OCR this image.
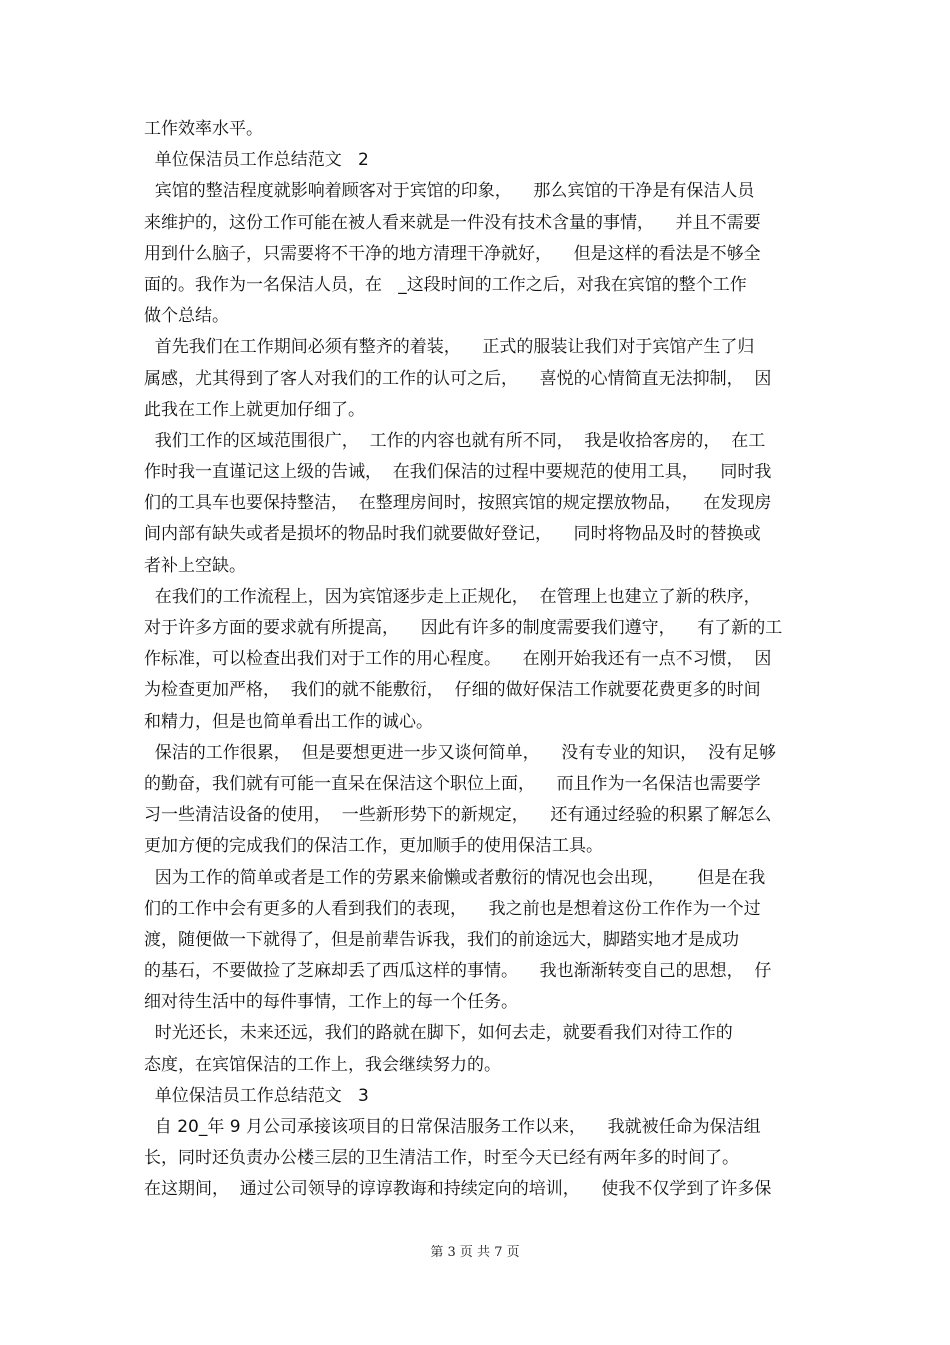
工作效率水平。
单位保洁员工作总结范文   2
宾馆的整洁程度就影响着顾客对于宾馆的印象，    那么宾馆的干净是有保洁人员
来维护的，这份工作可能在被人看来就是一件没有技术含量的事情，    并且不需要
用到什么脑子，只需要将不干净的地方清理干净就好，    但是这样的看法是不够全
面的。我作为一名保洁人员，在   _这段时间的工作之后，对我在宾馆的整个工作
做个总结。
首先我们在工作期间必须有整齐的着装，    正式的服装让我们对于宾馆产生了归
属感，尤其得到了客人对我们的工作的认可之后，    喜悦的心情简直无法抑制，  因
此我在工作上就更加仔细了。
我们工作的区域范围很广，  工作的内容也就有所不同，  我是收拾客房的，  在工
作时我一直谨记这上级的告诫，  在我们保洁的过程中要规范的使用工具，    同时我
们的工具车也要保持整洁，  在整理房间时，按照宾馆的规定摆放物品，    在发现房
间内部有缺失或者是损坏的物品时我们就要做好登记，    同时将物品及时的替换或
者补上空缺。
在我们的工作流程上，因为宾馆逐步走上正规化，  在管理上也建立了新的秩序，
对于许多方面的要求就有所提高，    因此有许多的制度需要我们遵守，    有了新的工
作标准，可以检查出我们对于工作的用心程度。    在刚开始我还有一点不习惯，  因
为检查更加严格，  我们的就不能敷衍，  仔细的做好保洁工作就要花费更多的时间
和精力，但是也简单看出工作的诚心。
保洁的工作很累，  但是要想更进一步又谈何简单，    没有专业的知识，  没有足够
的勤奋，我们就有可能一直呆在保洁这个职位上面，    而且作为一名保洁也需要学
习一些清洁设备的使用，  一些新形势下的新规定，    还有通过经验的积累了解怎么
更加方便的完成我们的保洁工作，更加顺手的使用保洁工具。
因为工作的简单或者是工作的劳累来偷懒或者敷衍的情况也会出现，      但是在我
们的工作中会有更多的人看到我们的表现，    我之前也是想着这份工作作为一个过
渡，随便做一下就得了，但是前辈告诉我，我们的前途远大，脚踏实地才是成功
的基石，不要做捡了芝麻却丢了西瓜这样的事情。    我也渐渐转变自己的思想，  仔
细对待生活中的每件事情，工作上的每一个任务。
时光还长，未来还远，我们的路就在脚下，如何去走，就要看我们对待工作的
态度，在宾馆保洁的工作上，我会继续努力的。
单位保洁员工作总结范文   3
自 20_年 9 月公司承接该项目的日常保洁服务工作以来，    我就被任命为保洁组
长，同时还负责办公楼三层的卫生清洁工作，时至今天已经有两年多的时间了。
在这期间，  通过公司领导的谆谆教诲和持续定向的培训，    使我不仅学到了许多保
第 3 页 共 7 页
